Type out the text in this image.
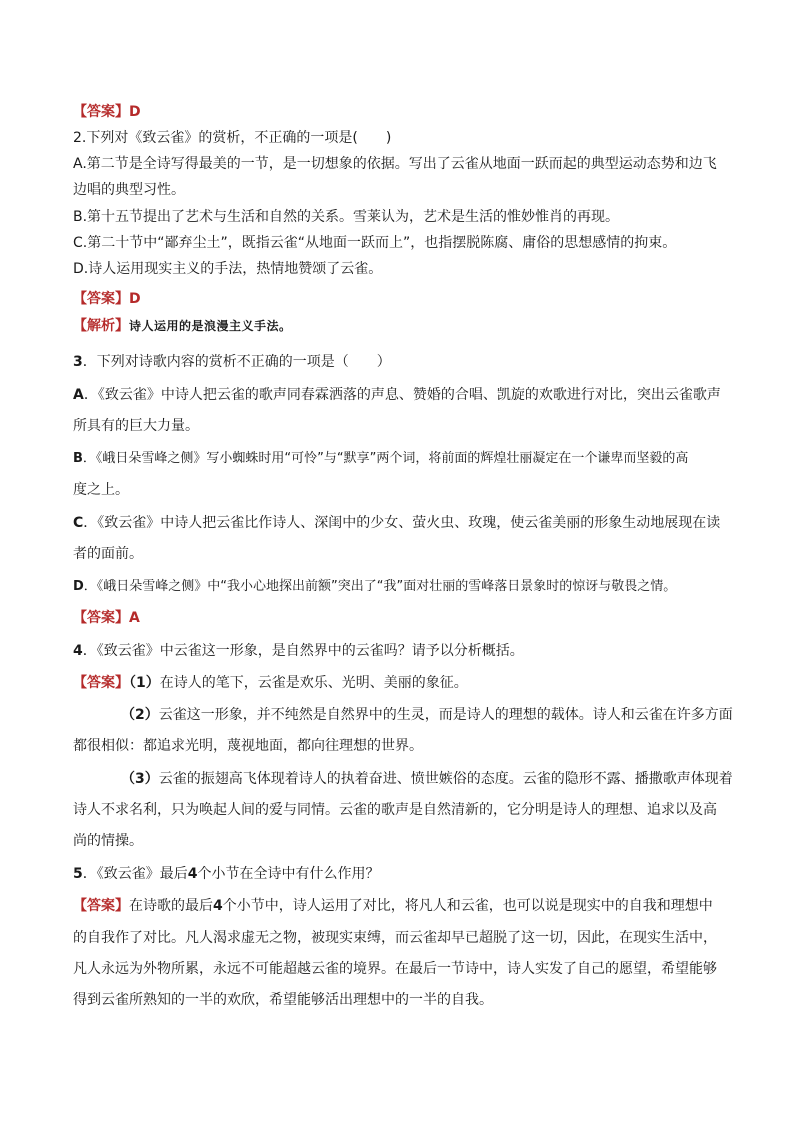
【答案】D
2.下列对《致云雀》的赏析，不正确的一项是(　　)
A.第二节是全诗写得最美的一节，是一切想象的依据。写出了云雀从地面一跃而起的典型运动态势和边飞
边唱的典型习性。
B.第十五节提出了艺术与生活和自然的关系。雪莱认为，艺术是生活的惟妙惟肖的再现。
C.第二十节中“鄙弃尘土”，既指云雀“从地面一跃而上”，也指摆脱陈腐、庸俗的思想感情的拘束。
D.诗人运用现实主义的手法，热情地赞颂了云雀。
【答案】D
【解析】诗人运用的是浪漫主义手法。
3．下列对诗歌内容的赏析不正确的一项是（　　）
A．《致云雀》中诗人把云雀的歌声同春霖洒落的声息、赞婚的合唱、凯旋的欢歌进行对比，突出云雀歌声
所具有的巨大力量。
B．《峨日朵雪峰之侧》写小蜘蛛时用“可怜”与“默享”两个词，将前面的辉煌壮丽凝定在一个谦卑而坚毅的高
度之上。
C．《致云雀》中诗人把云雀比作诗人、深闺中的少女、萤火虫、玫瑰，使云雀美丽的形象生动地展现在读
者的面前。
D．《峨日朵雪峰之侧》中“我小心地探出前额”突出了“我”面对壮丽的雪峰落日景象时的惊讶与敬畏之情。
【答案】A
4．《致云雀》中云雀这一形象，是自然界中的云雀吗？请予以分析概括。
【答案】（1）在诗人的笔下，云雀是欢乐、光明、美丽的象征。
（2）云雀这一形象，并不纯然是自然界中的生灵，而是诗人的理想的载体。诗人和云雀在许多方面
都很相似：都追求光明，蔑视地面，都向往理想的世界。
（3）云雀的振翅高飞体现着诗人的执着奋进、愤世嫉俗的态度。云雀的隐形不露、播撒歌声体现着
诗人不求名利，只为唤起人间的爱与同情。云雀的歌声是自然清新的，它分明是诗人的理想、追求以及高
尚的情操。
5．《致云雀》最后4个小节在全诗中有什么作用？
【答案】在诗歌的最后4个小节中，诗人运用了对比，将凡人和云雀，也可以说是现实中的自我和理想中
的自我作了对比。凡人渴求虚无之物，被现实束缚，而云雀却早已超脱了这一切，因此，在现实生活中，
凡人永远为外物所累，永远不可能超越云雀的境界。在最后一节诗中，诗人实发了自己的愿望，希望能够
得到云雀所熟知的一半的欢欣，希望能够活出理想中的一半的自我。
